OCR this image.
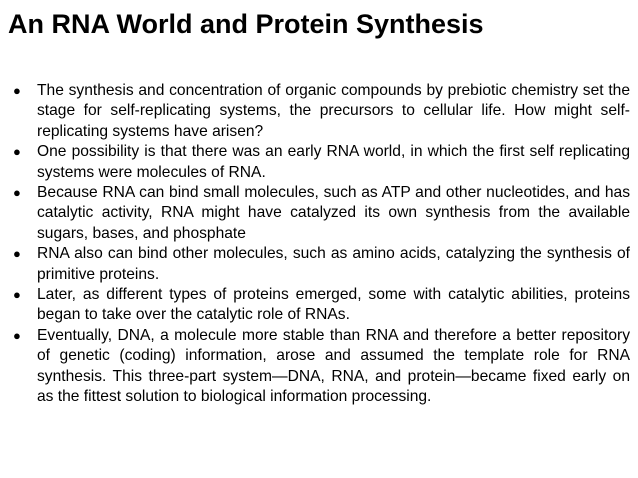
An RNA World and Protein Synthesis
● The synthesis and concentration of organic compounds by prebiotic chemistry set the stage for self-replicating systems, the precursors to cellular life. How might self-replicating systems have arisen?
● One possibility is that there was an early RNA world, in which the first self replicating systems were molecules of RNA.
● Because RNA can bind small molecules, such as ATP and other nucleotides, and has catalytic activity, RNA might have catalyzed its own synthesis from the available sugars, bases, and phosphate
● RNA also can bind other molecules, such as amino acids, catalyzing the synthesis of primitive proteins.
● Later, as different types of proteins emerged, some with catalytic abilities, proteins began to take over the catalytic role of RNAs.
● Eventually, DNA, a molecule more stable than RNA and therefore a better repository of genetic (coding) information, arose and assumed the template role for RNA synthesis. This three-part system—DNA, RNA, and protein—became fixed early on as the fittest solution to biological information processing.
